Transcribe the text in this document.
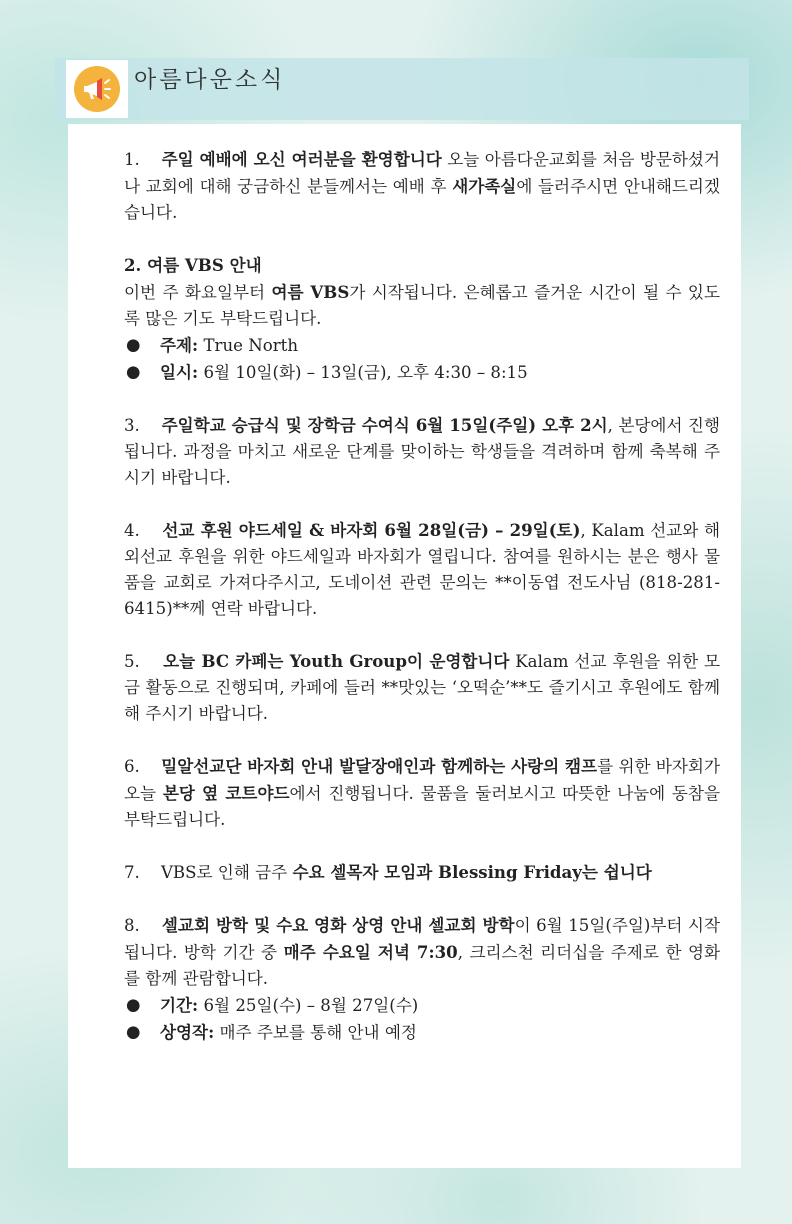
아름다운소식

1. 주일 예배에 오신 여러분을 환영합니다 오늘 아름다운교회를 처음 방문하셨거나 교회에 대해 궁금하신 분들께서는 예배 후 새가족실에 들러주시면 안내해드리겠습니다.

2. 여름 VBS 안내

이번 주 화요일부터 여름 VBS가 시작됩니다. 은혜롭고 즐거운 시간이 될 수 있도록 많은 기도 부탁드립니다.

● 주제: True North
● 일시: 6월 10일(화) – 13일(금), 오후 4:30 – 8:15

3. 주일학교 승급식 및 장학금 수여식 6월 15일(주일) 오후 2시, 본당에서 진행됩니다. 과정을 마치고 새로운 단계를 맞이하는 학생들을 격려하며 함께 축복해 주시기 바랍니다.

4. 선교 후원 야드세일 & 바자회 6월 28일(금) – 29일(토), Kalam 선교와 해외선교 후원을 위한 야드세일과 바자회가 열립니다. 참여를 원하시는 분은 행사 물품을 교회로 가져다주시고, 도네이션 관련 문의는 **이동엽 전도사님 (818-281-6415)**께 연락 바랍니다.

5. 오늘 BC 카페는 Youth Group이 운영합니다 Kalam 선교 후원을 위한 모금 활동으로 진행되며, 카페에 들러 **맛있는 ‘오떡순’**도 즐기시고 후원에도 함께해 주시기 바랍니다.

6. 밀알선교단 바자회 안내 발달장애인과 함께하는 사랑의 캠프를 위한 바자회가 오늘 본당 옆 코트야드에서 진행됩니다. 물품을 둘러보시고 따뜻한 나눔에 동참을 부탁드립니다.

7. VBS로 인해 금주 수요 셀목자 모임과 Blessing Friday는 쉽니다

8. 셀교회 방학 및 수요 영화 상영 안내 셀교회 방학이 6월 15일(주일)부터 시작됩니다. 방학 기간 중 매주 수요일 저녁 7:30, 크리스천 리더십을 주제로 한 영화를 함께 관람합니다.

● 기간: 6월 25일(수) – 8월 27일(수)
● 상영작: 매주 주보를 통해 안내 예정
